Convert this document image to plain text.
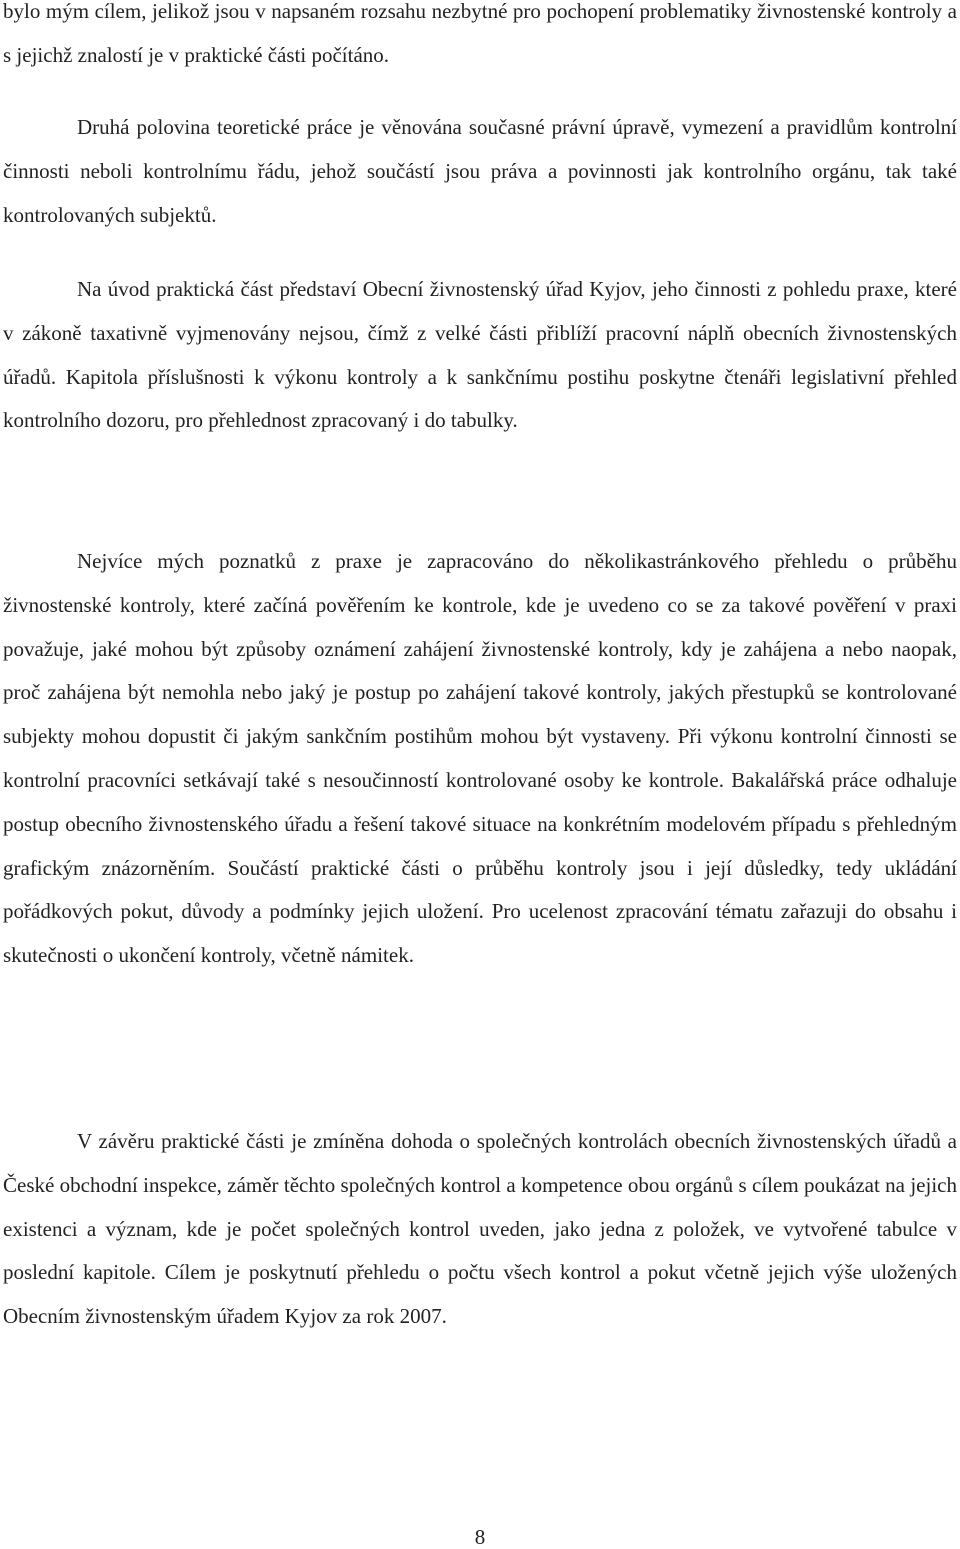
bylo mým cílem, jelikož jsou v napsaném rozsahu nezbytné pro pochopení problematiky živnostenské kontroly a s jejichž znalostí je v praktické části počítáno.

Druhá polovina teoretické práce je věnována současné právní úpravě, vymezení a pravidlům kontrolní činnosti neboli kontrolnímu řádu, jehož součástí jsou práva a povinnosti jak kontrolního orgánu, tak také kontrolovaných subjektů.

Na úvod praktická část představí Obecní živnostenský úřad Kyjov, jeho činnosti z pohledu praxe, které v zákoně taxativně vyjmenovány nejsou, čímž z velké části přiblíží pracovní náplň obecních živnostenských úřadů. Kapitola příslušnosti k výkonu kontroly a k sankčnímu postihu poskytne čtenáři legislativní přehled kontrolního dozoru, pro přehlednost zpracovaný i do tabulky.

Nejvíce mých poznatků z praxe je zapracováno do několikastránkového přehledu o průběhu živnostenské kontroly, které začíná pověřením ke kontrole, kde je uvedeno co se za takové pověření v praxi považuje, jaké mohou být způsoby oznámení zahájení živnostenské kontroly, kdy je zahájena a nebo naopak, proč zahájena být nemohla nebo jaký je postup po zahájení takové kontroly, jakých přestupků se kontrolované subjekty mohou dopustit či jakým sankčním postihům mohou být vystaveny. Při výkonu kontrolní činnosti se kontrolní pracovníci setkávají také s nesoučinností kontrolované osoby ke kontrole. Bakalářská práce odhaluje postup obecního živnostenského úřadu a řešení takové situace na konkrétním modelovém případu s přehledným grafickým znázorněním. Součástí praktické části o průběhu kontroly jsou i její důsledky, tedy ukládání pořádkových pokut, důvody a podmínky jejich uložení. Pro ucelenost zpracování tématu zařazuji do obsahu i skutečnosti o ukončení kontroly, včetně námitek.

V závěru praktické části je zmíněna dohoda o společných kontrolách obecních živnostenských úřadů a České obchodní inspekce, záměr těchto společných kontrol a kompetence obou orgánů s cílem poukázat na jejich existenci a význam, kde je počet společných kontrol uveden, jako jedna z položek, ve vytvořené tabulce v poslední kapitole. Cílem je poskytnutí přehledu o počtu všech kontrol a pokut včetně jejich výše uložených Obecním živnostenským úřadem Kyjov za rok 2007.

8
